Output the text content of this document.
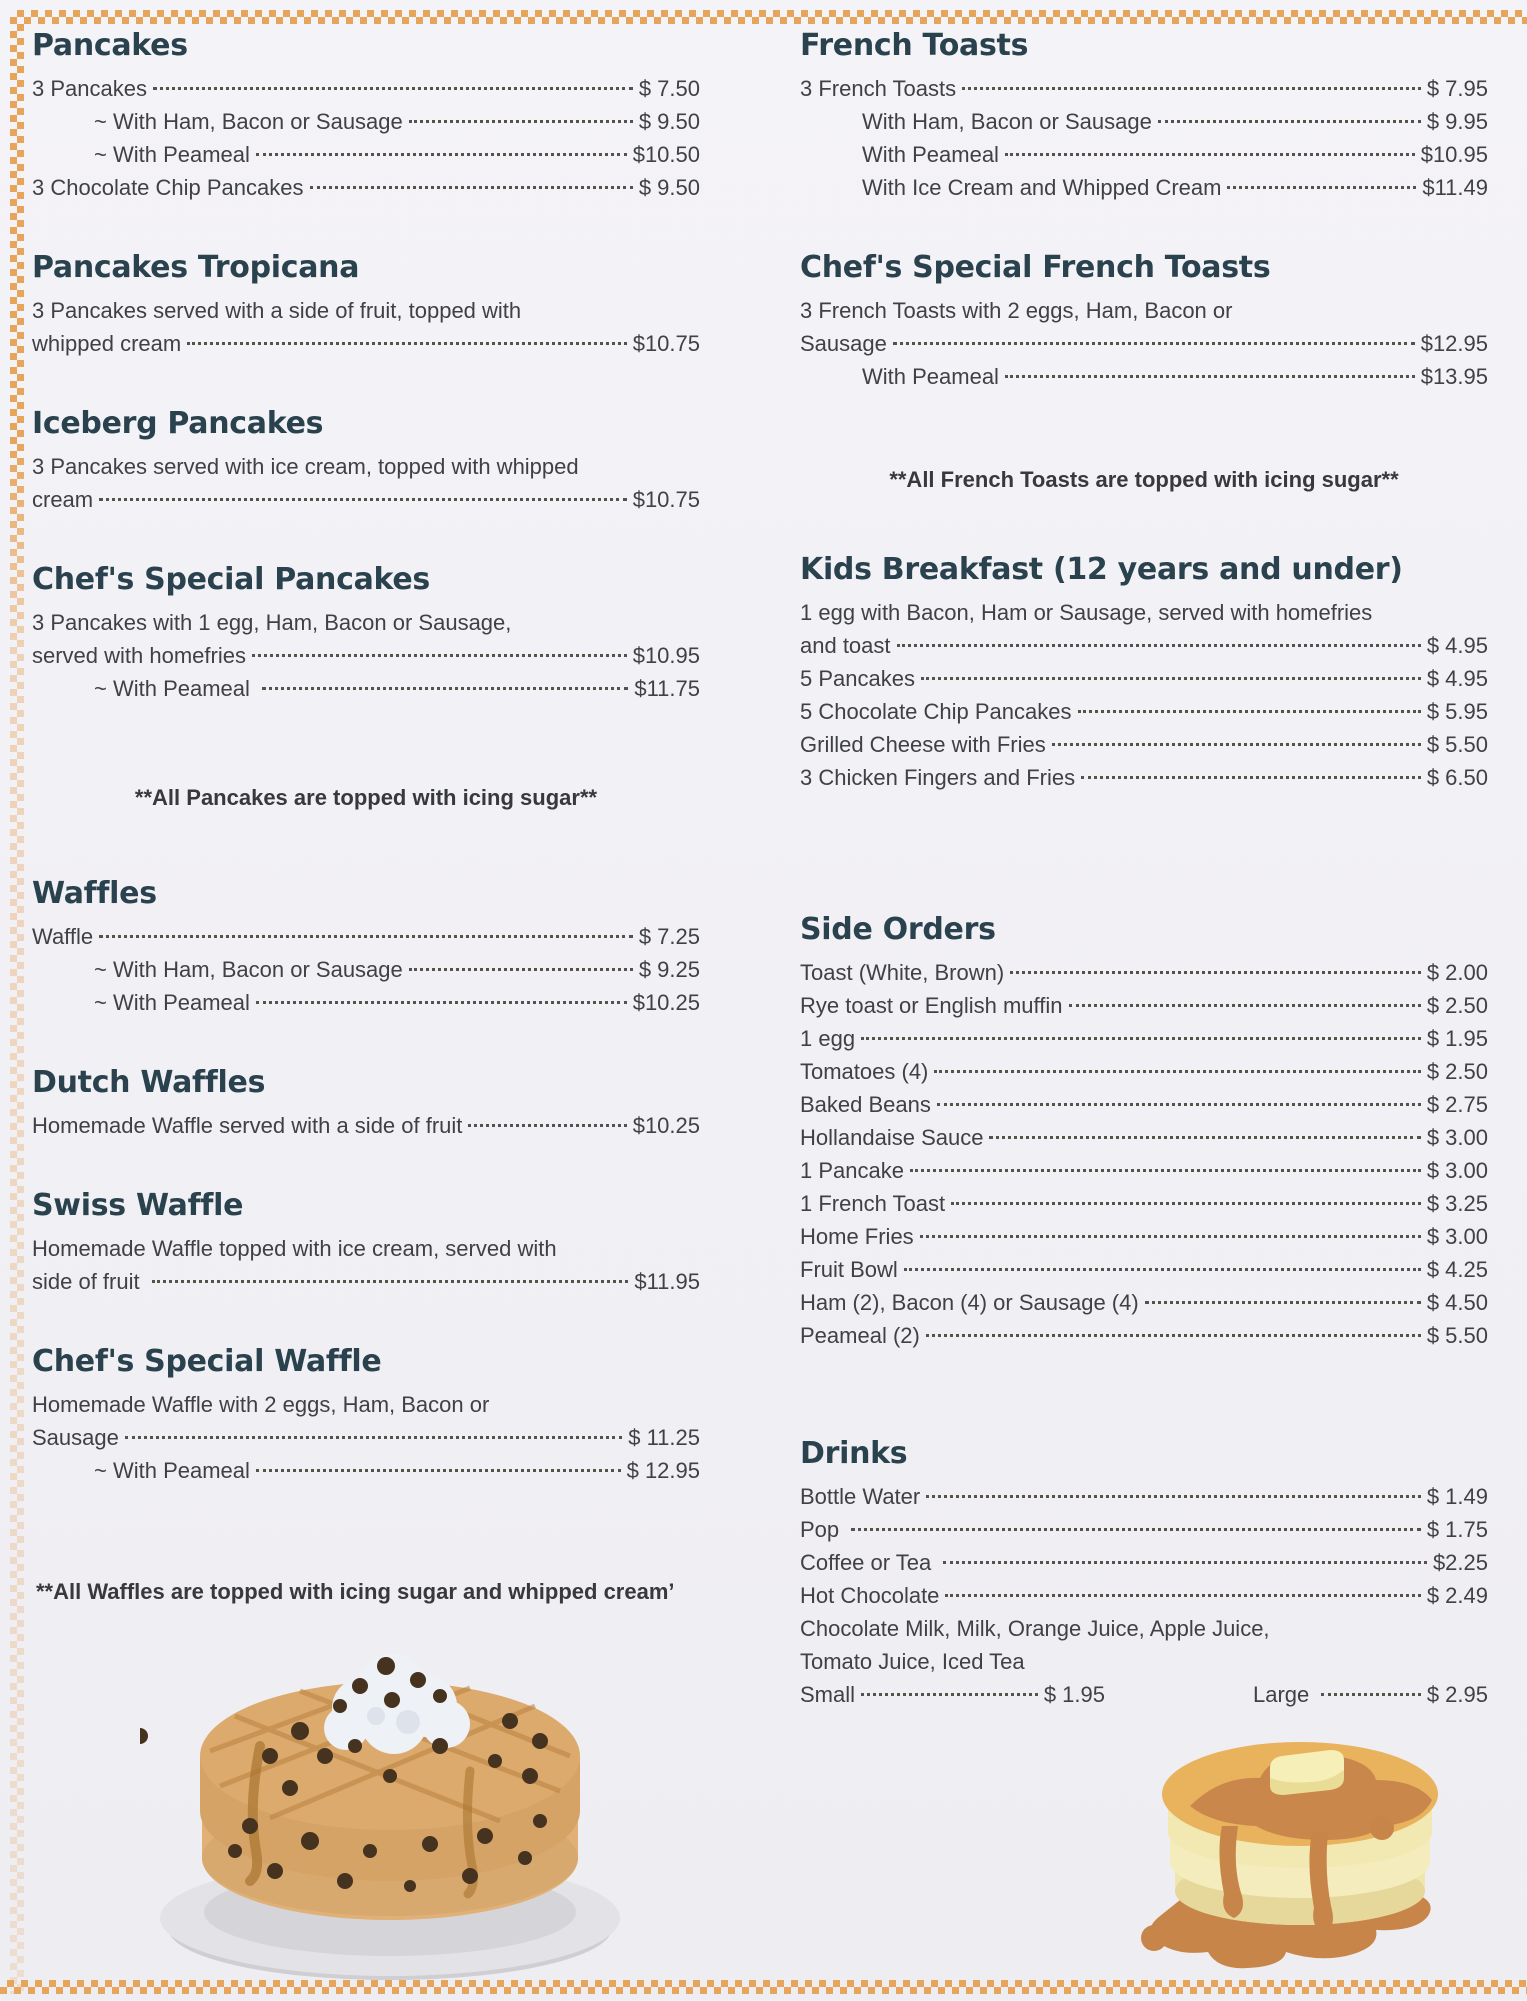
Pancakes
3 Pancakes	$ 7.50
~ With Ham, Bacon or Sausage	$ 9.50
~ With Peameal	$10.50
3 Chocolate Chip Pancakes	$ 9.50
Pancakes Tropicana
3 Pancakes served with a side of fruit, topped with
whipped cream	$10.75
Iceberg Pancakes
3 Pancakes served with ice cream, topped with whipped
cream	$10.75
Chef's Special Pancakes
3 Pancakes with 1 egg, Ham, Bacon or Sausage,
served with homefries	$10.95
~ With Peameal	$11.75
**All Pancakes are topped with icing sugar**
Waffles
Waffle	$ 7.25
~ With Ham, Bacon or Sausage	$ 9.25
~ With Peameal	$10.25
Dutch Waffles
Homemade Waffle served with a side of fruit	$10.25
Swiss Waffle
Homemade Waffle topped with ice cream, served with
side of fruit	$11.95
Chef's Special Waffle
Homemade Waffle with 2 eggs, Ham, Bacon or
Sausage	$ 11.25
~ With Peameal	$ 12.95
**All Waffles are topped with icing sugar and whipped cream’
French Toasts
3 French Toasts	$ 7.95
With Ham, Bacon or Sausage	$ 9.95
With Peameal	$10.95
With Ice Cream and Whipped Cream	$11.49
Chef's Special French Toasts
3 French Toasts with 2 eggs, Ham, Bacon or
Sausage	$12.95
With Peameal	$13.95
**All French Toasts are topped with icing sugar**
Kids Breakfast (12 years and under)
1 egg with Bacon, Ham or Sausage, served with homefries
and toast	$ 4.95
5 Pancakes	$ 4.95
5 Chocolate Chip Pancakes	$ 5.95
Grilled Cheese with Fries	$ 5.50
3 Chicken Fingers and Fries	$ 6.50
Side Orders
Toast (White, Brown)	$ 2.00
Rye toast or English muffin	$ 2.50
1 egg	$ 1.95
Tomatoes (4)	$ 2.50
Baked Beans	$ 2.75
Hollandaise Sauce	$ 3.00
1 Pancake	$ 3.00
1 French Toast	$ 3.25
Home Fries	$ 3.00
Fruit Bowl	$ 4.25
Ham (2), Bacon (4) or Sausage (4)	$ 4.50
Peameal (2)	$ 5.50
Drinks
Bottle Water	$ 1.49
Pop	$ 1.75
Coffee or Tea	$2.25
Hot Chocolate	$ 2.49
Chocolate Milk, Milk, Orange Juice, Apple Juice,
Tomato Juice, Iced Tea
Small	$ 1.95	Large	$ 2.95
